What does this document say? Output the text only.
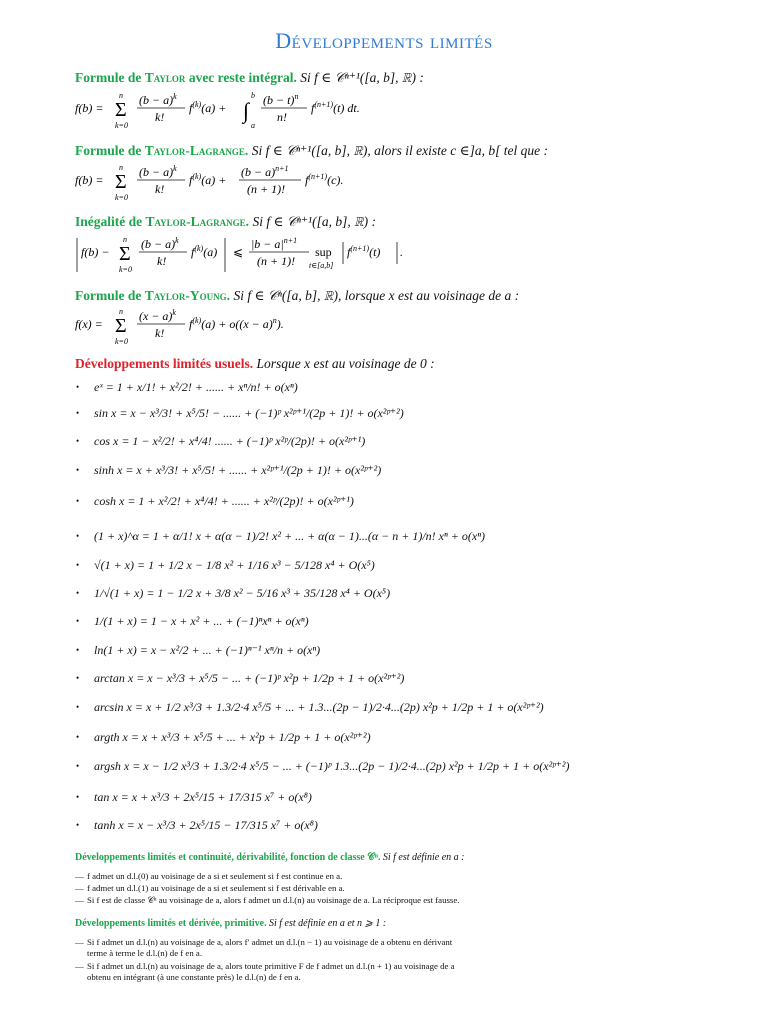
Développements limités
Formule de Taylor avec reste intégral. Si f ∈ 𝒞ⁿ⁺¹([a, b], ℝ) :
f(b) =
n
Σ
k=0
$(b - a)^k$
k!
$f^{(k)}(a)$ + ∫
b
a
$(b - t)^n$
n!
$f^{(n+1)}(t)$ dt.
Formule de Taylor-Lagrange. Si f ∈ 𝒞ⁿ⁺¹([a, b], ℝ), alors il existe c ∈]a, b[ tel que :
f(b) =
n
Σ
k=0
$(b - a)^k$
k!
$f^{(k)}(a)$ +
$(b - a)^{n+1}$
(n + 1)!
$f^{(n+1)}(c)$.
Inégalité de Taylor-Lagrange. Si f ∈ 𝒞ⁿ⁺¹([a, b], ℝ) :
f(b) −
n
Σ
k=0
$(b - a)^k$
k!
$f^{(k)}(a)$ ⩽
$|b - a|^{n+1}$
(n + 1)!
sup
t∈[a,b]
$f^{(n+1)}(t)$ .
Formule de Taylor-Young. Si f ∈ 𝒞ⁿ([a, b], ℝ), lorsque x est au voisinage de a :
f(x) =
n
Σ
k=0
$(x - a)^k$
k!
$f^{(k)}(a) + o((x - a)^n)$.
Développements limités usuels. Lorsque x est au voisinage de 0 :
• eˣ = 1 + x/1! + x²/2! + ...... + xⁿ/n! + o(xⁿ)
• sin x = x − x³/3! + x⁵/5! − ...... + (−1)ᵖ x²ᵖ⁺¹/(2p + 1)! + o(x²ᵖ⁺²)
• cos x = 1 − x²/2! + x⁴/4! ...... + (−1)ᵖ x²ᵖ/(2p)! + o(x²ᵖ⁺¹)
• sinh x = x + x³/3! + x⁵/5! + ...... + x²ᵖ⁺¹/(2p + 1)! + o(x²ᵖ⁺²)
• cosh x = 1 + x²/2! + x⁴/4! + ...... + x²ᵖ/(2p)! + o(x²ᵖ⁺¹)
• (1 + x)^α = 1 + α/1! x + α(α − 1)/2! x² + ... + α(α − 1)...(α − n + 1)/n! xⁿ + o(xⁿ)
• √(1 + x) = 1 + 1/2 x − 1/8 x² + 1/16 x³ − 5/128 x⁴ + O(x⁵)
• 1/√(1 + x) = 1 − 1/2 x + 3/8 x² − 5/16 x³ + 35/128 x⁴ + O(x⁵)
• 1/(1 + x) = 1 − x + x² + ... + (−1)ⁿxⁿ + o(xⁿ)
• ln(1 + x) = x − x²/2 + ... + (−1)ⁿ⁻¹ xⁿ/n + o(xⁿ)
• arctan x = x − x³/3 + x⁵/5 − ... + (−1)ᵖ x²p + 1/2p + 1 + o(x²ᵖ⁺²)
• arcsin x = x + 1/2 x³/3 + 1.3/2·4 x⁵/5 + ... + 1.3...(2p − 1)/2·4...(2p) x²p + 1/2p + 1 + o(x²ᵖ⁺²)
• argth x = x + x³/3 + x⁵/5 + ... + x²p + 1/2p + 1 + o(x²ᵖ⁺²)
• argsh x = x − 1/2 x³/3 + 1.3/2·4 x⁵/5 − ... + (−1)ᵖ 1.3...(2p − 1)/2·4...(2p) x²p + 1/2p + 1 + o(x²ᵖ⁺²)
• tan x = x + x³/3 + 2x⁵/15 + 17/315 x⁷ + o(x⁸)
• tanh x = x − x³/3 + 2x⁵/15 − 17/315 x⁷ + o(x⁸)
Développements limités et continuité, dérivabilité, fonction de classe 𝒞ⁿ. Si f est définie en a :
— f admet un d.l.(0) au voisinage de a si et seulement si f est continue en a.
— f admet un d.l.(1) au voisinage de a si et seulement si f est dérivable en a.
— Si f est de classe 𝒞ⁿ au voisinage de a, alors f admet un d.l.(n) au voisinage de a. La réciproque est fausse.
Développements limités et dérivée, primitive. Si f est définie en a et n ⩾ 1 :
— Si f admet un d.l.(n) au voisinage de a, alors f′ admet un d.l.(n − 1) au voisinage de a obtenu en dérivant
terme à terme le d.l.(n) de f en a.
— Si f admet un d.l.(n) au voisinage de a, alors toute primitive F de f admet un d.l.(n + 1) au voisinage de a
obtenu en intégrant (à une constante près) le d.l.(n) de f en a.
